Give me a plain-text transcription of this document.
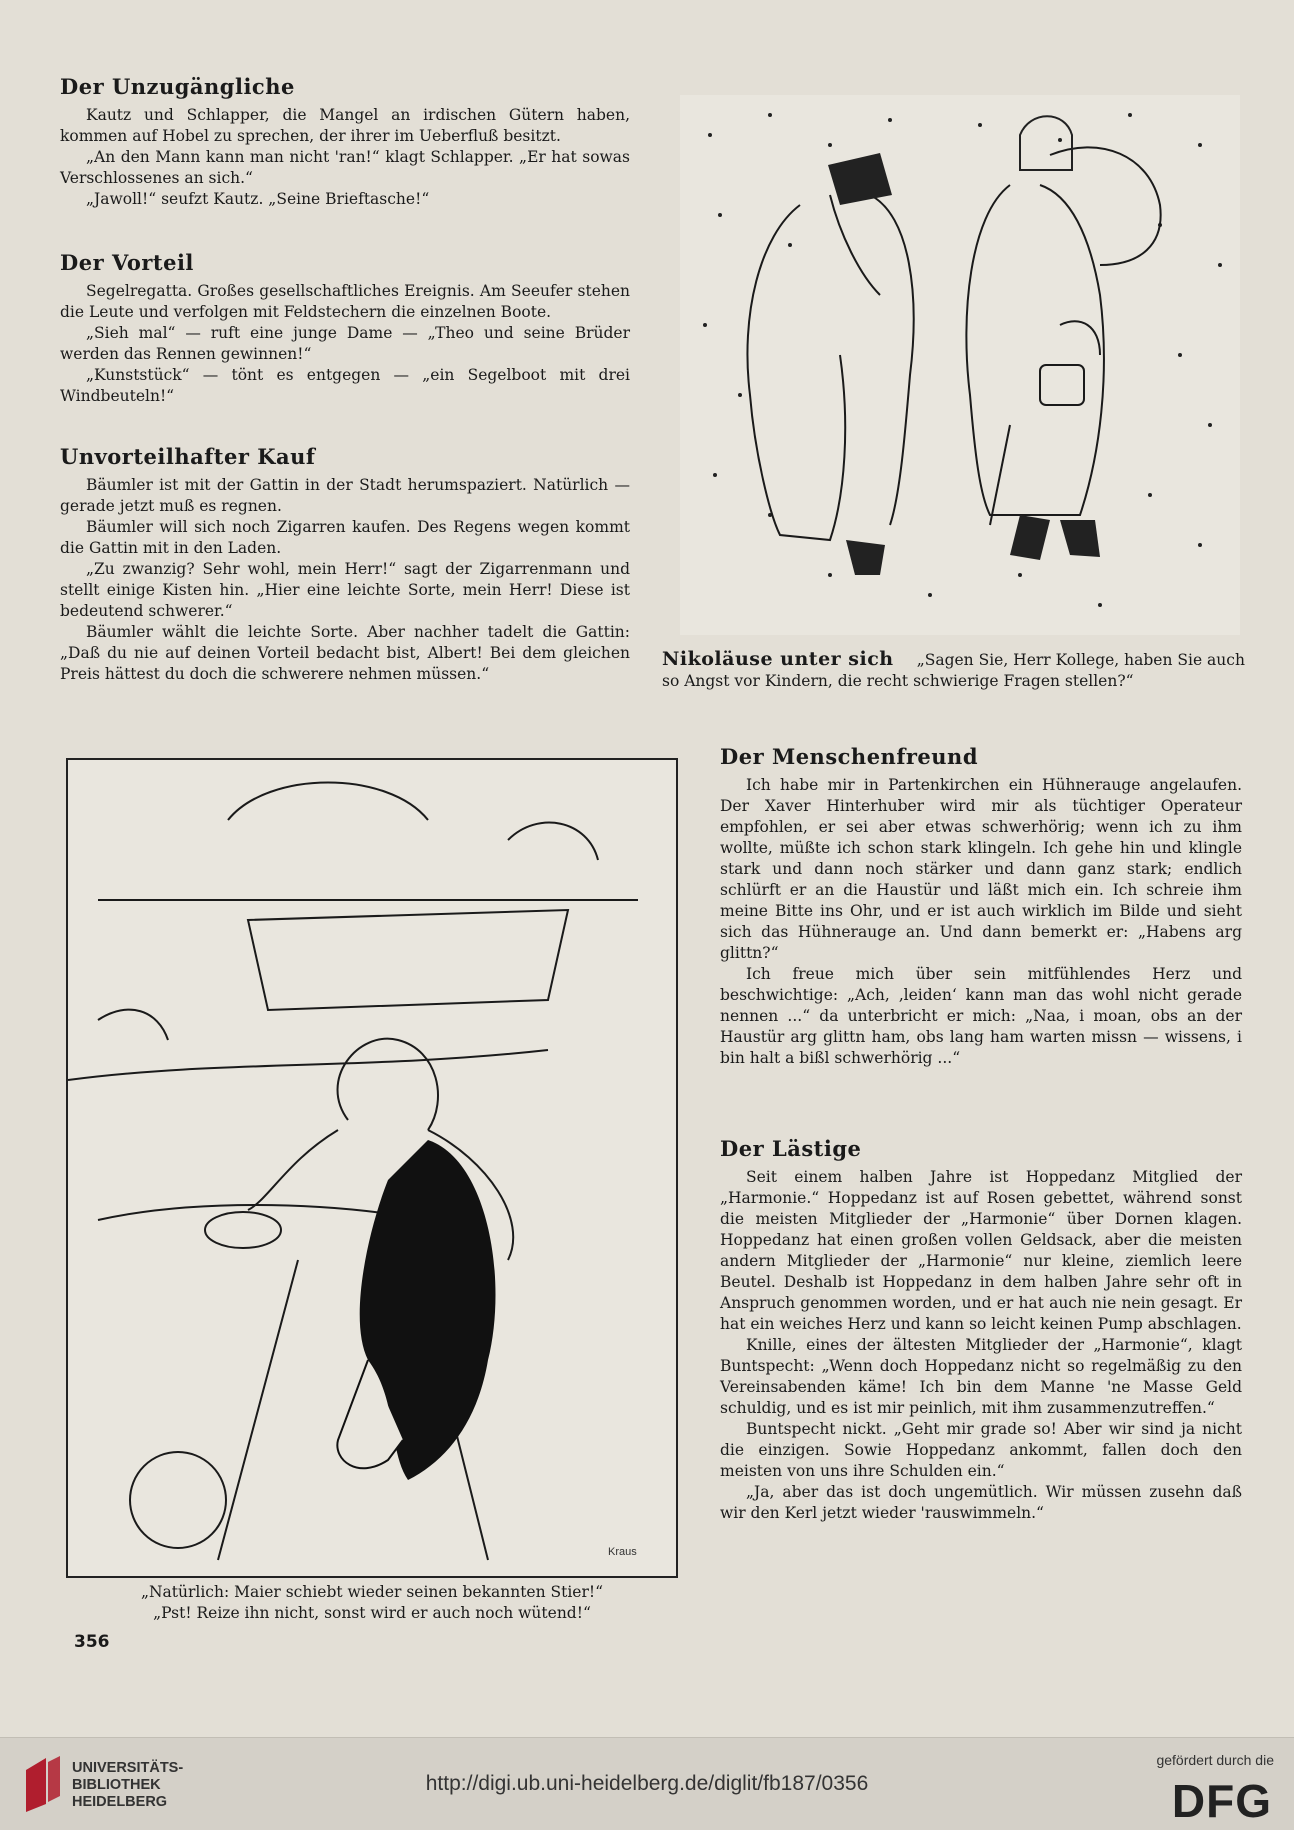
Der Unzugängliche

Kautz und Schlapper, die Mangel an irdischen Gütern haben, kommen auf Hobel zu sprechen, der ihrer im Ueberfluß besitzt.

„An den Mann kann man nicht 'ran!“ klagt Schlapper. „Er hat sowas Verschlossenes an sich.“

„Jawoll!“ seufzt Kautz. „Seine Brieftasche!“

Der Vorteil

Segelregatta. Großes gesellschaftliches Ereignis. Am Seeufer stehen die Leute und verfolgen mit Feldstechern die einzelnen Boote.

„Sieh mal“ — ruft eine junge Dame — „Theo und seine Brüder werden das Rennen gewinnen!“

„Kunststück“ — tönt es entgegen — „ein Segelboot mit drei Windbeuteln!“

Unvorteilhafter Kauf

Bäumler ist mit der Gattin in der Stadt herumspaziert. Natürlich — gerade jetzt muß es regnen.

Bäumler will sich noch Zigarren kaufen. Des Regens wegen kommt die Gattin mit in den Laden.

„Zu zwanzig? Sehr wohl, mein Herr!“ sagt der Zigarrenmann und stellt einige Kisten hin. „Hier eine leichte Sorte, mein Herr! Diese ist bedeutend schwerer.“

Bäumler wählt die leichte Sorte. Aber nachher tadelt die Gattin: „Daß du nie auf deinen Vorteil bedacht bist, Albert! Bei dem gleichen Preis hättest du doch die schwerere nehmen müssen.“

Nikoläuse unter sich „Sagen Sie, Herr Kollege, haben Sie auch so Angst vor Kindern, die recht schwierige Fragen stellen?“
Kraus
„Natürlich: Maier schiebt wieder seinen bekannten Stier!“
„Pst! Reize ihn nicht, sonst wird er auch noch wütend!“
Der Menschenfreund

Ich habe mir in Partenkirchen ein Hühnerauge angelaufen. Der Xaver Hinterhuber wird mir als tüchtiger Operateur empfohlen, er sei aber etwas schwerhörig; wenn ich zu ihm wollte, müßte ich schon stark klingeln. Ich gehe hin und klingle stark und dann noch stärker und dann ganz stark; endlich schlürft er an die Haustür und läßt mich ein. Ich schreie ihm meine Bitte ins Ohr, und er ist auch wirklich im Bilde und sieht sich das Hühnerauge an. Und dann bemerkt er: „Habens arg glittn?“

Ich freue mich über sein mitfühlendes Herz und beschwichtige: „Ach, ‚leiden‘ kann man das wohl nicht gerade nennen ...“ da unterbricht er mich: „Naa, i moan, obs an der Haustür arg glittn ham, obs lang ham warten missn — wissens, i bin halt a bißl schwerhörig ...“

Der Lästige

Seit einem halben Jahre ist Hoppedanz Mitglied der „Harmonie.“ Hoppedanz ist auf Rosen gebettet, während sonst die meisten Mitglieder der „Harmonie“ über Dornen klagen. Hoppedanz hat einen großen vollen Geldsack, aber die meisten andern Mitglieder der „Harmonie“ nur kleine, ziemlich leere Beutel. Deshalb ist Hoppedanz in dem halben Jahre sehr oft in Anspruch genommen worden, und er hat auch nie nein gesagt. Er hat ein weiches Herz und kann so leicht keinen Pump abschlagen.

Knille, eines der ältesten Mitglieder der „Harmonie“, klagt Buntspecht: „Wenn doch Hoppedanz nicht so regelmäßig zu den Vereinsabenden käme! Ich bin dem Manne 'ne Masse Geld schuldig, und es ist mir peinlich, mit ihm zusammenzutreffen.“

Buntspecht nickt. „Geht mir grade so! Aber wir sind ja nicht die einzigen. Sowie Hoppedanz ankommt, fallen doch den meisten von uns ihre Schulden ein.“

„Ja, aber das ist doch ungemütlich. Wir müssen zusehn daß wir den Kerl jetzt wieder 'rauswimmeln.“

356
UNIVERSITÄTS-
BIBLIOTHEK
HEIDELBERG
http://digi.ub.uni-heidelberg.de/diglit/fb187/0356
gefördert durch die
DFG
